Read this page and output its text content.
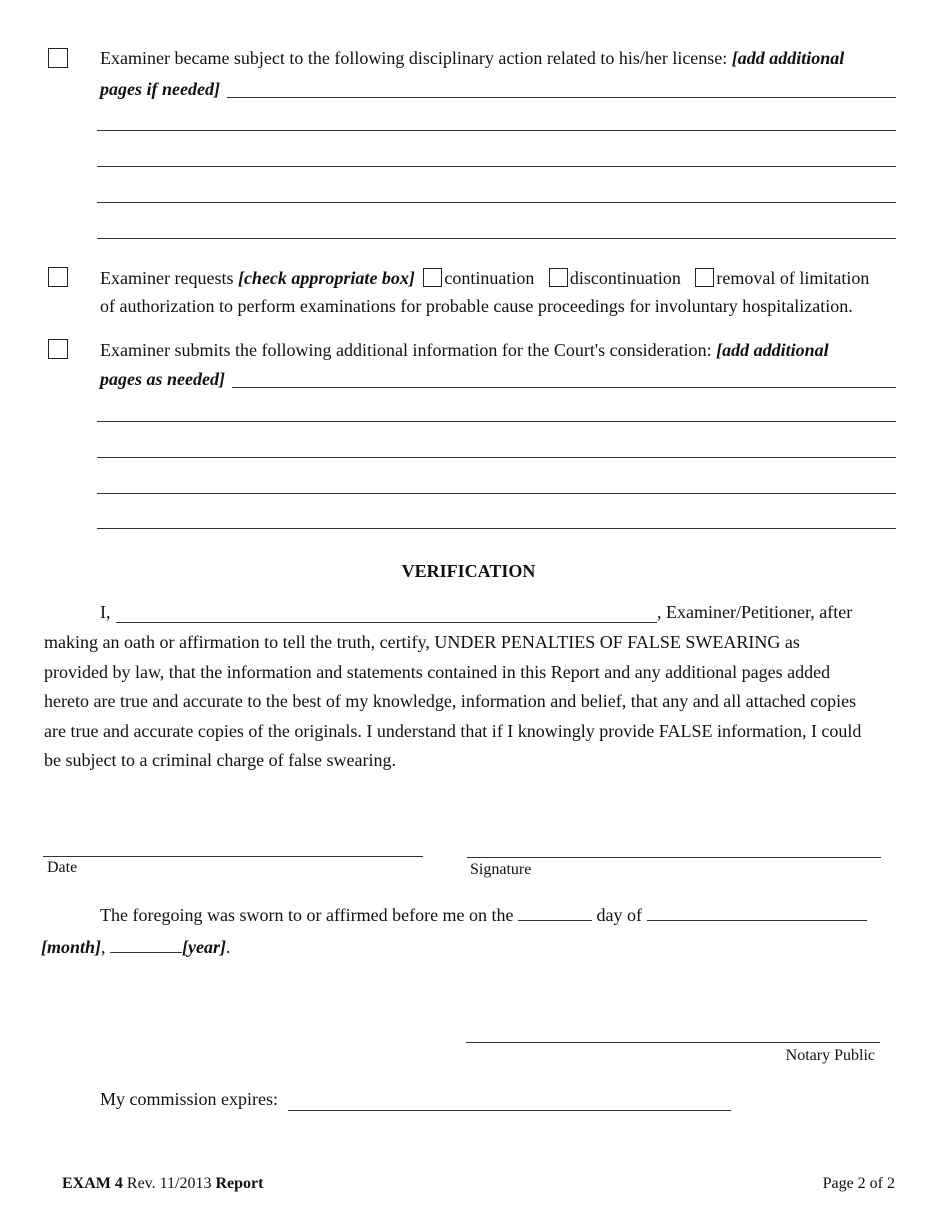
Examiner became subject to the following disciplinary action related to his/her license: [add additional
pages if needed]
Examiner requests [check appropriate box] continuation discontinuation removal of limitation
of authorization to perform examinations for probable cause proceedings for involuntary hospitalization.
Examiner submits the following additional information for the Court's consideration: [add additional
pages as needed]
VERIFICATION
I,	, Examiner/Petitioner, after
making an oath or affirmation to tell the truth, certify, UNDER PENALTIES OF FALSE SWEARING as
provided by law, that the information and statements contained in this Report and any additional pages added
hereto are true and accurate to the best of my knowledge, information and belief, that any and all attached copies
are true and accurate copies of the originals. I understand that if I knowingly provide FALSE information, I could
be subject to a criminal charge of false swearing.
Date	Signature
The foregoing was sworn to or affirmed before me on the	day of
[month],	[year].
Notary Public
My commission expires:
EXAM 4 Rev. 11/2013 Report	Page 2 of 2
